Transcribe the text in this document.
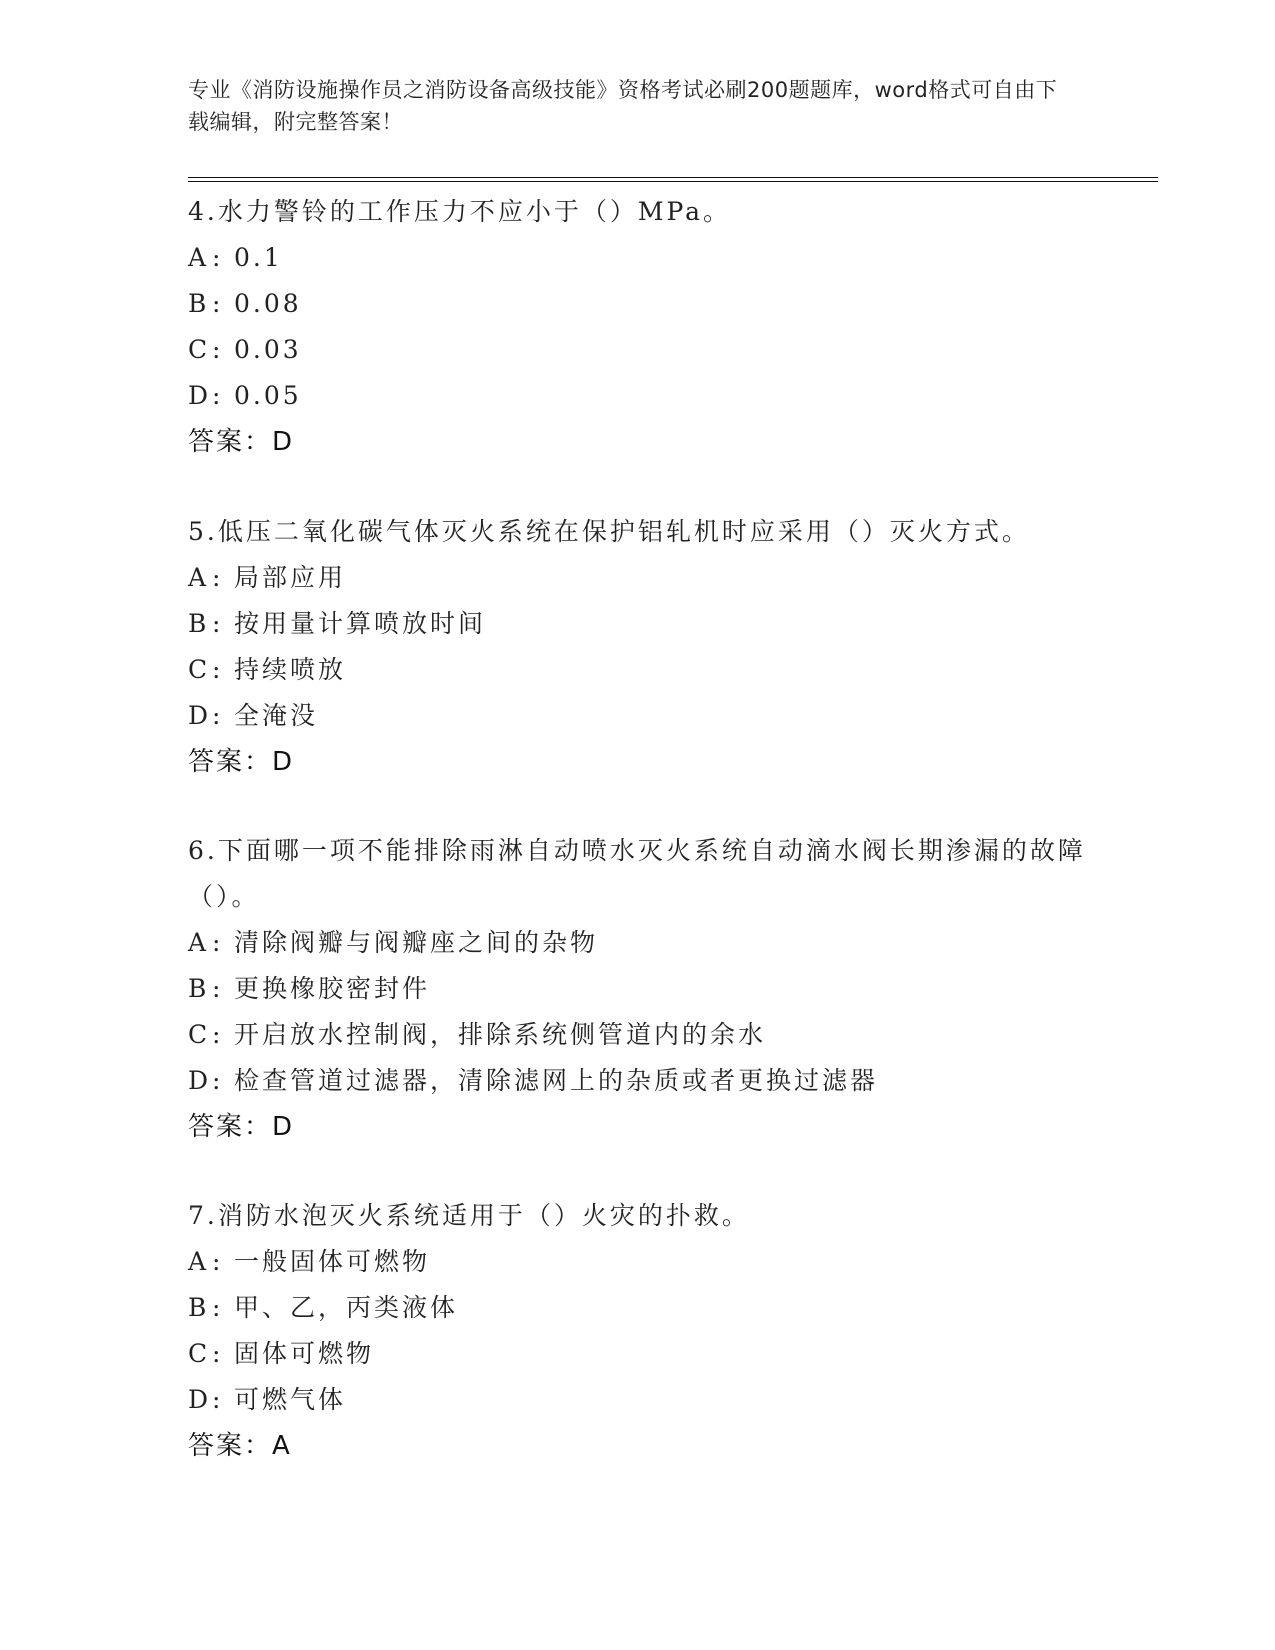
专业《消防设施操作员之消防设备高级技能》资格考试必刷200题题库，word格式可自由下载编辑，附完整答案！

4.水力警铃的工作压力不应小于（）MPa。

A : 0.1

B : 0.08

C: 0.03

D: 0.05

答案：D

5.低压二氧化碳气体灭火系统在保护铝轧机时应采用（）灭火方式。

A : 局部应用

B : 按用量计算喷放时间

C: 持续喷放

D: 全淹没

答案：D

6.下面哪一项不能排除雨淋自动喷水灭火系统自动滴水阀长期渗漏的故障（）。

A : 清除阀瓣与阀瓣座之间的杂物

B : 更换橡胶密封件

C: 开启放水控制阀，排除系统侧管道内的余水

D: 检查管道过滤器，清除滤网上的杂质或者更换过滤器

答案：D

7.消防水泡灭火系统适用于（）火灾的扑救。

A : 一般固体可燃物

B : 甲、乙，丙类液体

C: 固体可燃物

D: 可燃气体

答案：A
